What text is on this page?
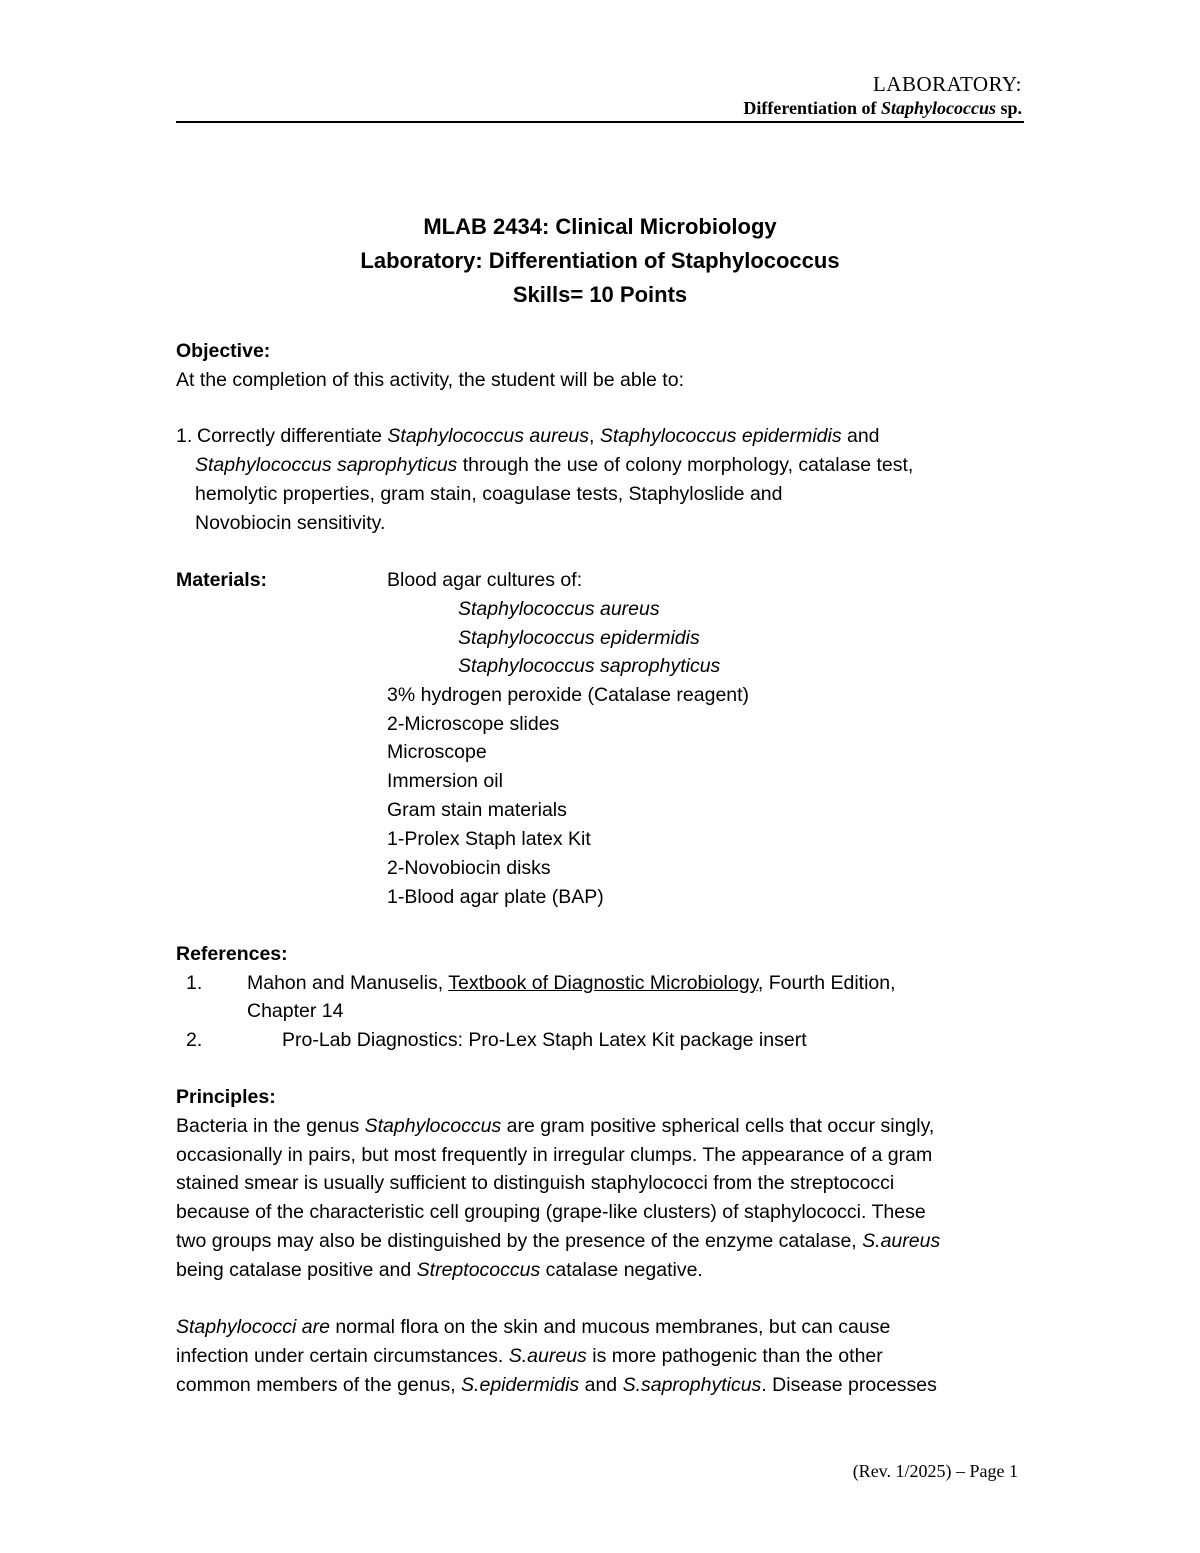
LABORATORY:
Differentiation of Staphylococcus sp.
MLAB 2434: Clinical Microbiology
Laboratory: Differentiation of Staphylococcus
Skills= 10 Points
Objective:
At the completion of this activity, the student will be able to:
1. Correctly differentiate Staphylococcus aureus, Staphylococcus epidermidis and
Staphylococcus saprophyticus through the use of colony morphology, catalase test,
hemolytic properties, gram stain, coagulase tests, Staphyloslide and
Novobiocin sensitivity.
Materials:	Blood agar cultures of:
Staphylococcus aureus
Staphylococcus epidermidis
Staphylococcus saprophyticus
3% hydrogen peroxide (Catalase reagent)
2-Microscope slides
Microscope
Immersion oil
Gram stain materials
1-Prolex Staph latex Kit
2-Novobiocin disks
1-Blood agar plate (BAP)
References:
1. Mahon and Manuselis, Textbook of Diagnostic Microbiology, Fourth Edition,
Chapter 14
2.	Pro-Lab Diagnostics: Pro-Lex Staph Latex Kit package insert
Principles:
Bacteria in the genus Staphylococcus are gram positive spherical cells that occur singly,
occasionally in pairs, but most frequently in irregular clumps. The appearance of a gram
stained smear is usually sufficient to distinguish staphylococci from the streptococci
because of the characteristic cell grouping (grape-like clusters) of staphylococci. These
two groups may also be distinguished by the presence of the enzyme catalase, S.aureus
being catalase positive and Streptococcus catalase negative.
Staphylococci are normal flora on the skin and mucous membranes, but can cause
infection under certain circumstances. S.aureus is more pathogenic than the other
common members of the genus, S.epidermidis and S.saprophyticus. Disease processes
(Rev. 1/2025) – Page 1
